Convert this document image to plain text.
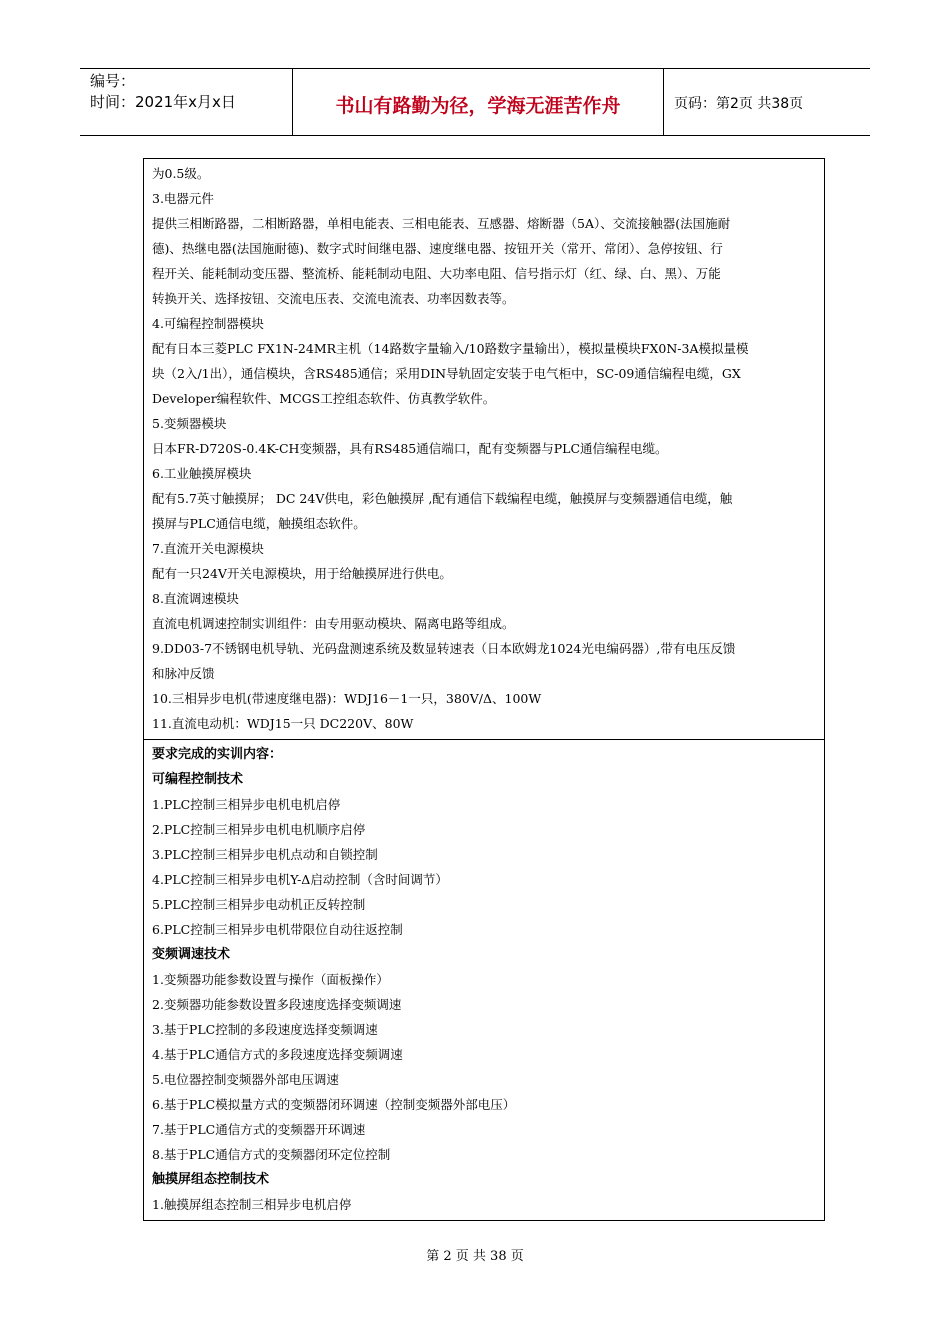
编号：
时间：2021年x月x日	书山有路勤为径，学海无涯苦作舟	页码：第2页 共38页
为0.5级。
3.电器元件
提供三相断路器，二相断路器，单相电能表、三相电能表、互感器、熔断器（5A）、交流接触器(法国施耐
德)、热继电器(法国施耐德)、数字式时间继电器、速度继电器、按钮开关（常开、常闭）、急停按钮、行
程开关、能耗制动变压器、整流桥、能耗制动电阻、大功率电阻、信号指示灯（红、绿、白、黑）、万能
转换开关、选择按钮、交流电压表、交流电流表、功率因数表等。
4.可编程控制器模块
配有日本三菱PLC FX1N-24MR主机（14路数字量输入/10路数字量输出），模拟量模块FX0N-3A模拟量模
块（2入/1出），通信模块，含RS485通信；采用DIN导轨固定安装于电气柜中，SC-09通信编程电缆，GX
Developer编程软件、MCGS工控组态软件、仿真教学软件。
5.变频器模块
日本FR-D720S-0.4K-CH变频器，具有RS485通信端口，配有变频器与PLC通信编程电缆。
6.工业触摸屏模块
配有5.7英寸触摸屏； DC 24V供电，彩色触摸屏 ,配有通信下载编程电缆，触摸屏与变频器通信电缆，触
摸屏与PLC通信电缆，触摸组态软件。
7.直流开关电源模块
配有一只24V开关电源模块，用于给触摸屏进行供电。
8.直流调速模块
直流电机调速控制实训组件：由专用驱动模块、隔离电路等组成。
9.DD03-7不锈钢电机导轨、光码盘测速系统及数显转速表（日本欧姆龙1024光电编码器）,带有电压反馈
和脉冲反馈
10.三相异步电机(带速度继电器)：WDJ16－1一只，380V/Δ、100W
11.直流电动机：WDJ15一只 DC220V、80W
要求完成的实训内容：
可编程控制技术
1.PLC控制三相异步电机电机启停
2.PLC控制三相异步电机电机顺序启停
3.PLC控制三相异步电机点动和自锁控制
4.PLC控制三相异步电机Y-Δ启动控制（含时间调节）
5.PLC控制三相异步电动机正反转控制
6.PLC控制三相异步电机带限位自动往返控制
变频调速技术
1.变频器功能参数设置与操作（面板操作）
2.变频器功能参数设置多段速度选择变频调速
3.基于PLC控制的多段速度选择变频调速
4.基于PLC通信方式的多段速度选择变频调速
5.电位器控制变频器外部电压调速
6.基于PLC模拟量方式的变频器闭环调速（控制变频器外部电压）
7.基于PLC通信方式的变频器开环调速
8.基于PLC通信方式的变频器闭环定位控制
触摸屏组态控制技术
1.触摸屏组态控制三相异步电机启停
第 2 页 共 38 页
